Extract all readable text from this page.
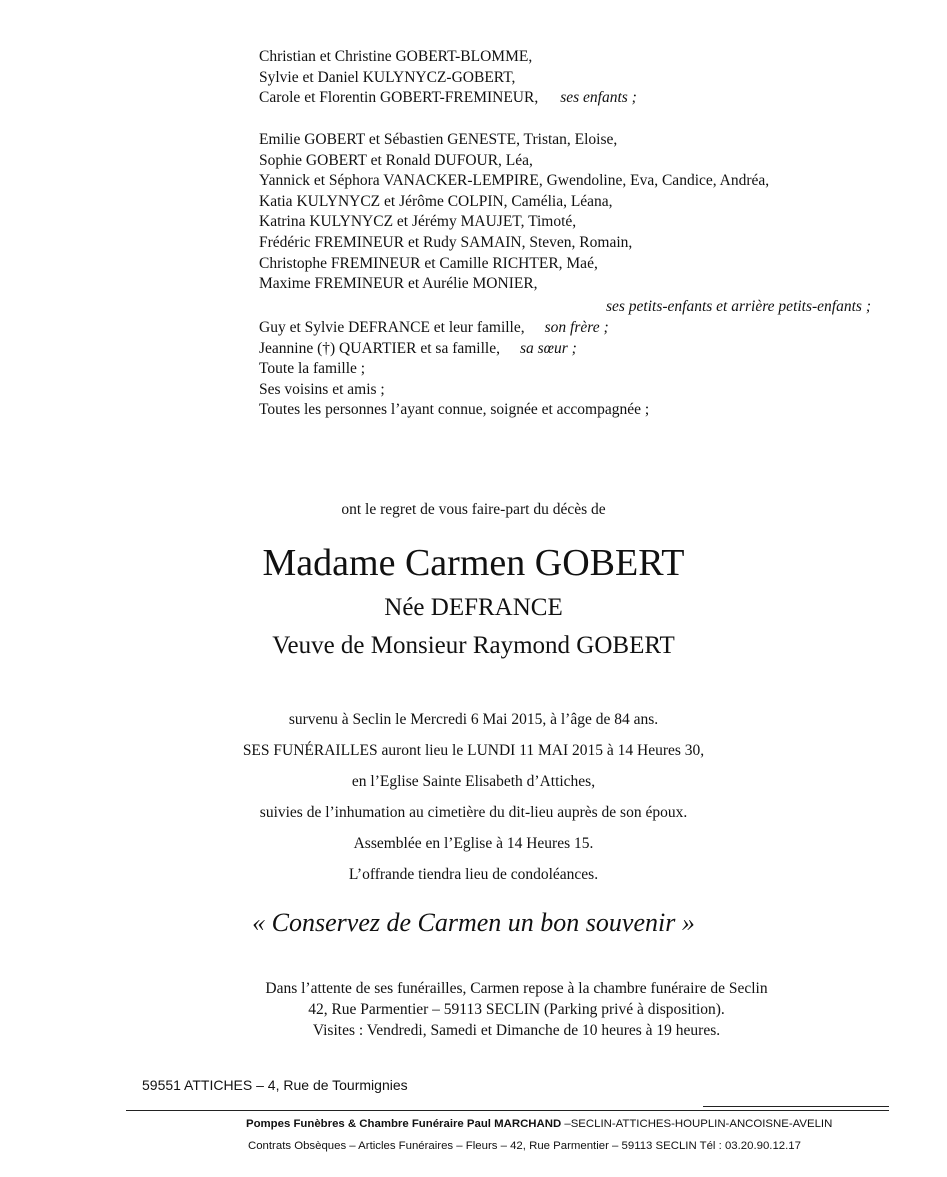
Christian et Christine GOBERT-BLOMME,
Sylvie et Daniel KULYNYCZ-GOBERT,
Carole et Florentin GOBERT-FREMINEUR, ses enfants ;
Emilie GOBERT et Sébastien GENESTE, Tristan, Eloise,
Sophie GOBERT et Ronald DUFOUR, Léa,
Yannick et Séphora VANACKER-LEMPIRE, Gwendoline, Eva, Candice, Andréa,
Katia KULYNYCZ et Jérôme COLPIN, Camélia, Léana,
Katrina KULYNYCZ et Jérémy MAUJET, Timoté,
Frédéric FREMINEUR et Rudy SAMAIN, Steven, Romain,
Christophe FREMINEUR et Camille RICHTER, Maé,
Maxime FREMINEUR et Aurélie MONIER,
ses petits-enfants et arrière petits-enfants ;
Guy et Sylvie DEFRANCE et leur famille, son frère ;
Jeannine (†) QUARTIER et sa famille, sa sœur ;
Toute la famille ;
Ses voisins et amis ;
Toutes les personnes l’ayant connue, soignée et accompagnée ;
ont le regret de vous faire-part du décès de
Madame Carmen GOBERT
Née DEFRANCE
Veuve de Monsieur Raymond GOBERT
survenu à Seclin le Mercredi 6 Mai 2015, à l’âge de 84 ans.
SES FUNÉRAILLES auront lieu le LUNDI 11 MAI 2015 à 14 Heures 30,
en l’Eglise Sainte Elisabeth d’Attiches,
suivies de l’inhumation au cimetière du dit-lieu auprès de son époux.
Assemblée en l’Eglise à 14 Heures 15.
L’offrande tiendra lieu de condoléances.
« Conservez de Carmen un bon souvenir »
Dans l’attente de ses funérailles, Carmen repose à la chambre funéraire de Seclin
42, Rue Parmentier – 59113 SECLIN (Parking privé à disposition).
Visites : Vendredi, Samedi et Dimanche de 10 heures à 19 heures.
59551 ATTICHES – 4, Rue de Tourmignies
Pompes Funèbres & Chambre Funéraire Paul MARCHAND –SECLIN-ATTICHES-HOUPLIN-ANCOISNE-AVELIN
Contrats Obsèques – Articles Funéraires – Fleurs – 42, Rue Parmentier – 59113 SECLIN Tél : 03.20.90.12.17
